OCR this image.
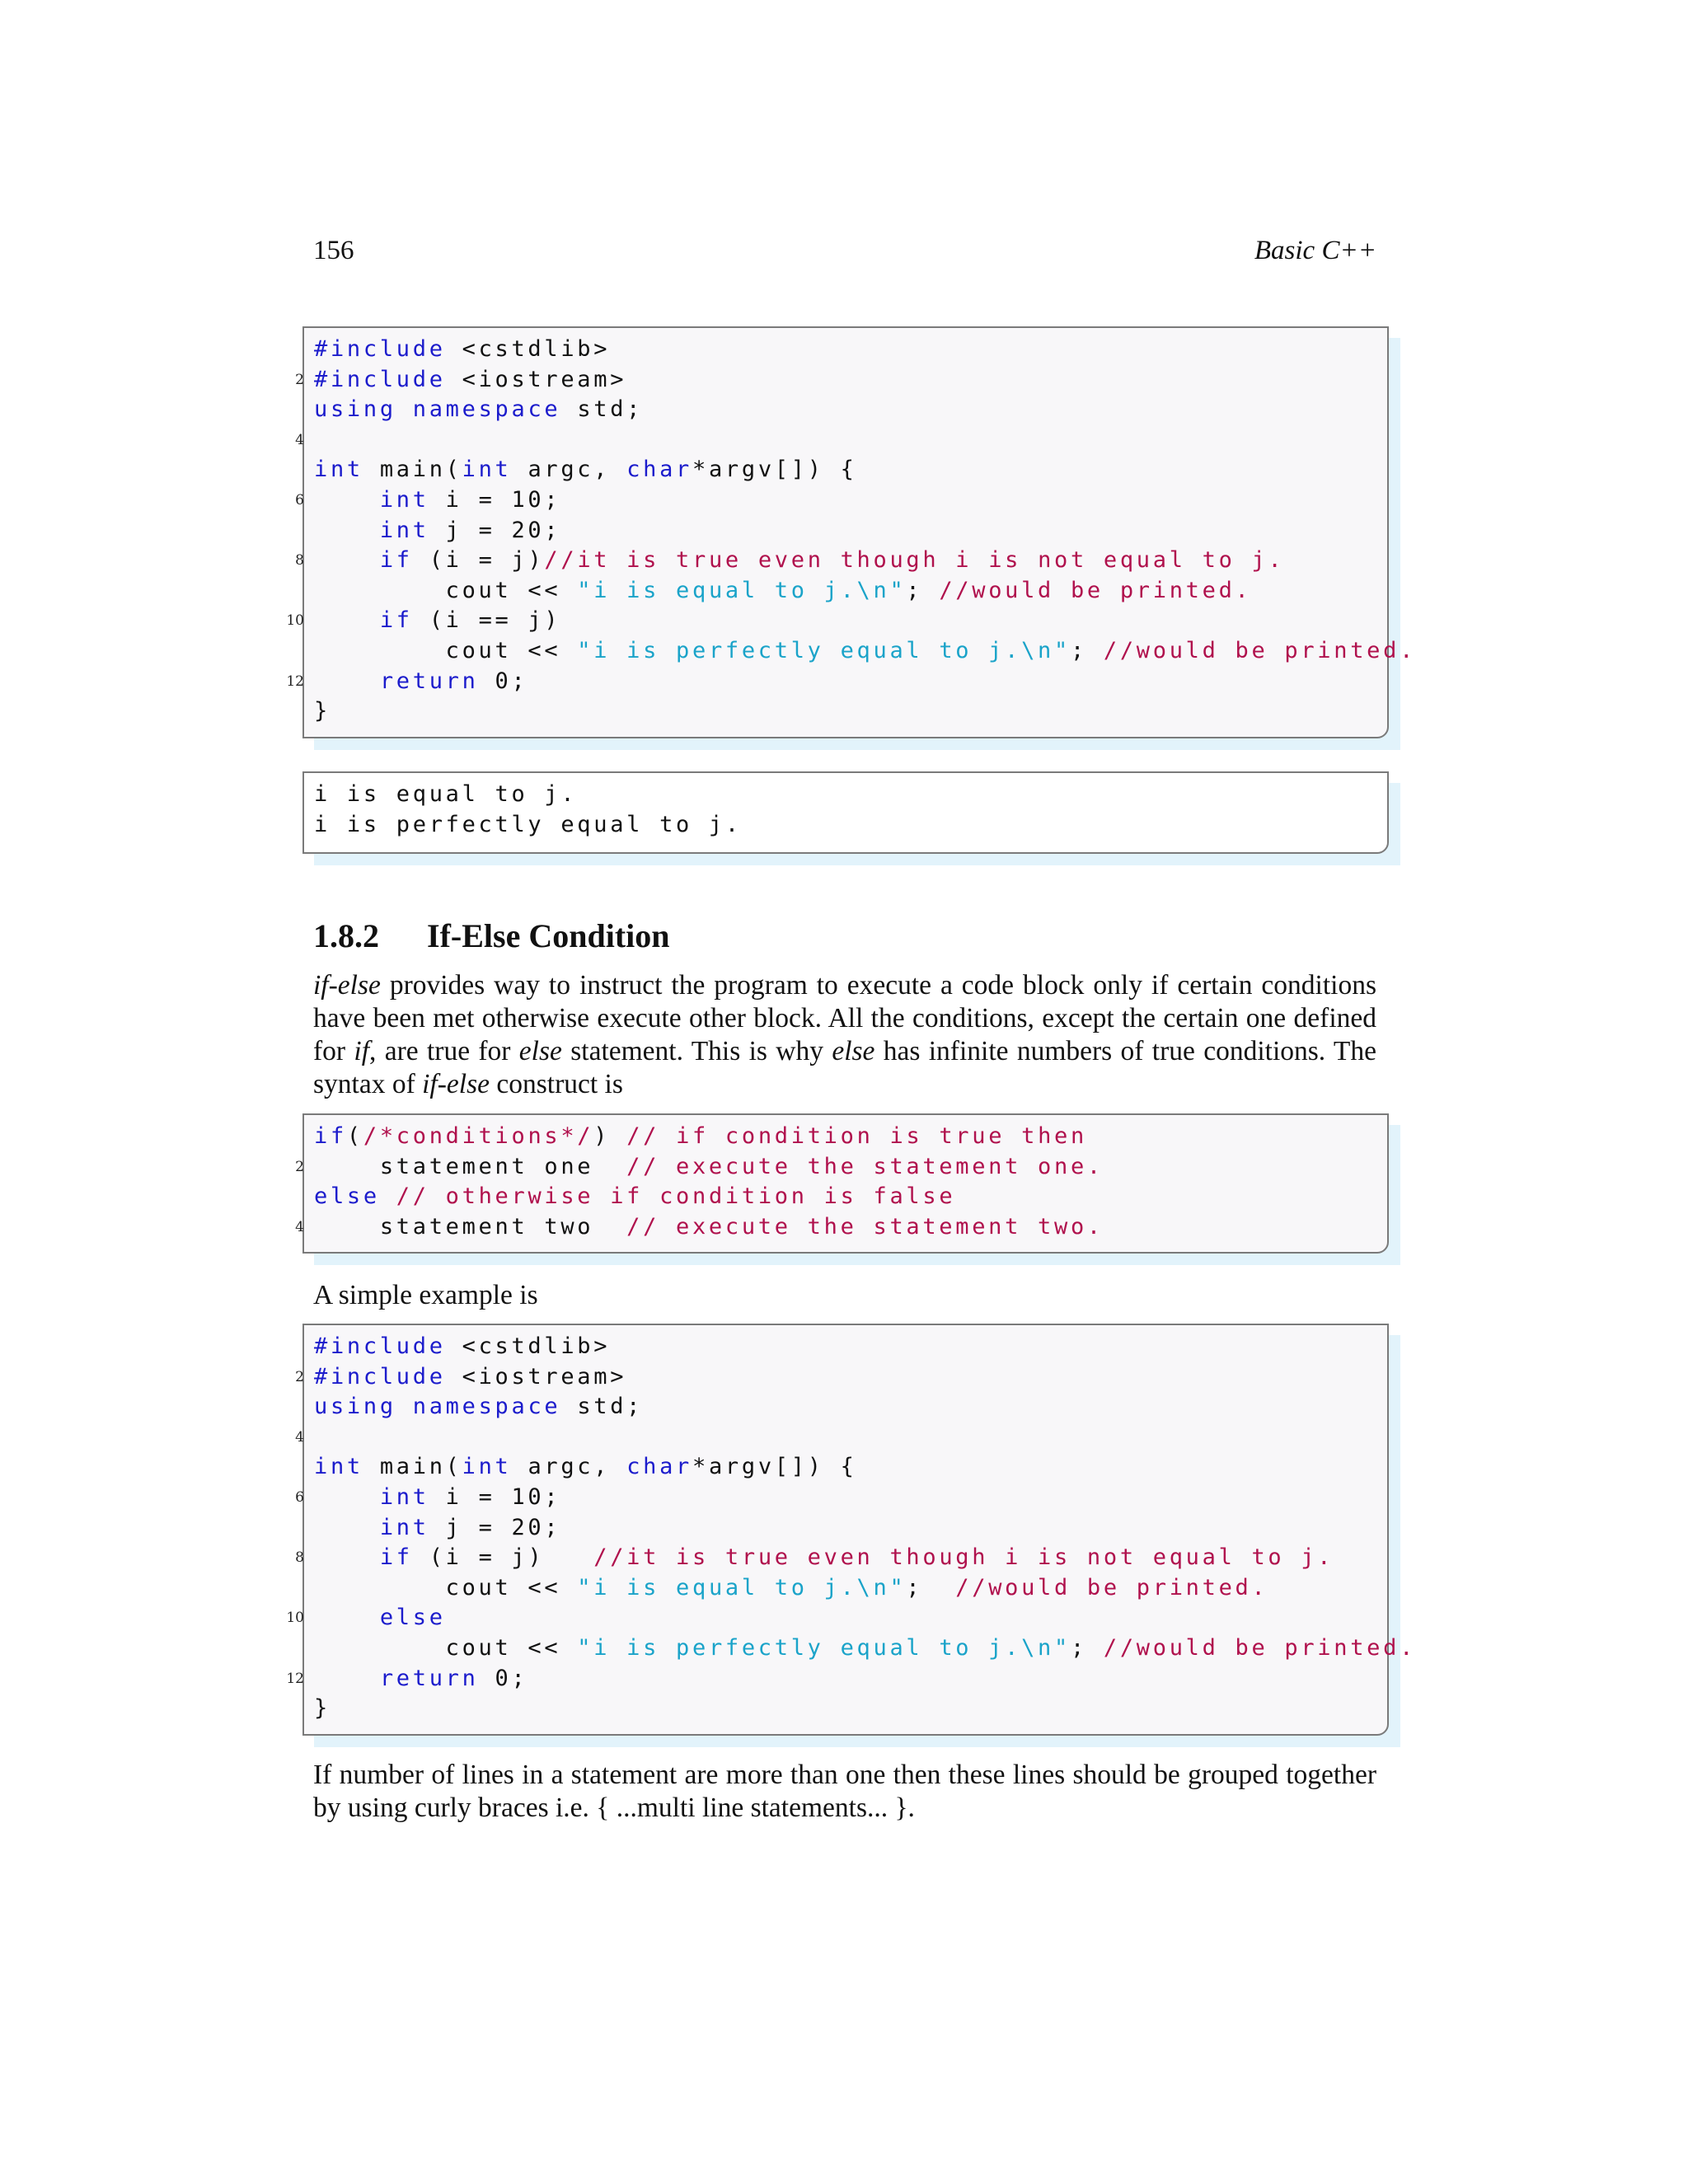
156	Basic C++
#include <cstdlib>
2 #include <iostream>
using namespace std;
4
int main(int argc, char*argv[]) {
6	int i = 10;
int j = 20;
8	if (i = j)//it is true even though i is not equal to j.
cout << "i is equal to j.\n"; //would be printed.
10	if (i == j)
cout << "i is perfectly equal to j.\n"; //would be printed.
12	return 0;
}
i is equal to j.
i is perfectly equal to j.
1.8.2 If-Else Condition
if-else provides way to instruct the program to execute a code block only if certain conditions have been met otherwise execute other block. All the conditions, except the certain one defined for if, are true for else statement. This is why else has infinite numbers of true conditions. The syntax of if-else construct is
if(/*conditions*/) // if condition is true then
2 statement one  // execute the statement one.
else // otherwise if condition is false
4 statement two  // execute the statement two.
A simple example is
#include <cstdlib>
2 #include <iostream>
using namespace std;
4
int main(int argc, char*argv[]) {
6	int i = 10;
int j = 20;
8	if (i = j)   //it is true even though i is not equal to j.
cout << "i is equal to j.\n";  //would be printed.
10	else
cout << "i is perfectly equal to j.\n"; //would be printed.
12	return 0;
}
If number of lines in a statement are more than one then these lines should be grouped together by using curly braces i.e. { ...multi line statements... }.
